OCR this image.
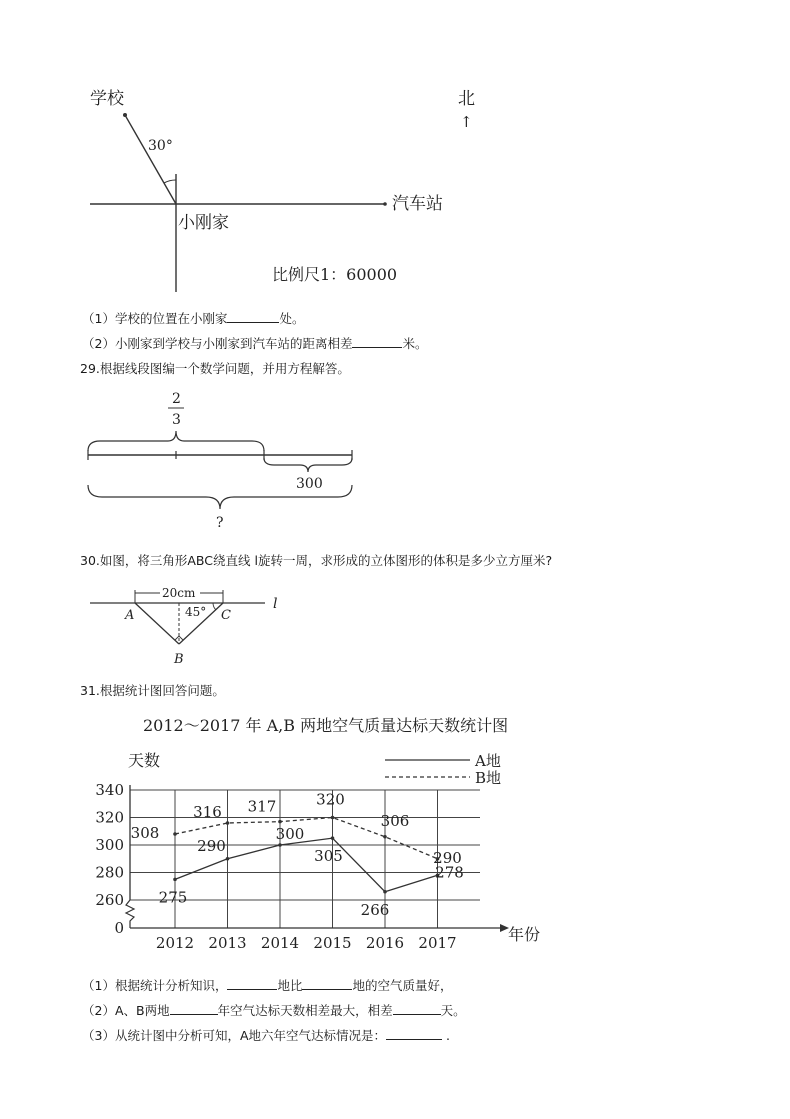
学校
30°
北
↑
汽车站
小刚家
比例尺1：60000
（1）学校的位置在小刚家	处。
（2）小刚家到学校与小刚家到汽车站的距离相差	米。
29.根据线段图编一个数学问题，并用方程解答。
2
3
300
?
30.如图，将三角形ABC绕直线 l旋转一周，求形成的立体图形的体积是多少立方厘米?
l
20cm
45°
A	C
B
31.根据统计图回答问题。
2012～2017 年 A,B 两地空气质量达标天数统计图
天数
年份
A地
B地
0
260
280
300
320
340
2012 2013 2014 2015 2016 2017
275
290
300
305
266
278
308
316 317	320
306
290
（1）根据统计分析知识，	地比	地的空气质量好，
（2）A、B两地	年空气达标天数相差最大，相差	天。
（3）从统计图中分析可知，A地六年空气达标情况是：	.
